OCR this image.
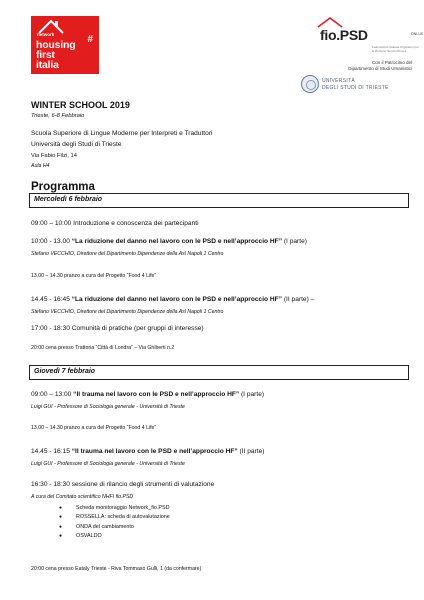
network	#
housing
first
italia
fio.PSD	ONLUS
Federazione Italiana Organismi per le Persone Senza Dimora
Con il Patrocinio del
Dipartimento di Studi Umanistici
UNIVERSITÀ
DEGLI STUDI DI TRIESTE
WINTER SCHOOL 2019
Trieste, 6-8 Febbraio
Scuola Superiore di Lingue Moderne per Interpreti e Traduttori
Università degli Studi di Trieste
Via Fabio Filzi, 14
Aula H4
Programma
Mercoledì 6 febbraio
09:00 – 10:00 Introduzione e conoscenza dei partecipanti
10:00 - 13.00 “La riduzione del danno nel lavoro con le PSD e nell’approccio HF” (I parte)
Stefano VECCHIO, Direttore del Dipartimento Dipendenze della Asl Napoli 1 Centro
13.00 – 14.30 pranzo a cura del Progetto “Food 4 Life”
14.45 - 16:45 “La riduzione del danno nel lavoro con le PSD e nell’approccio HF” (II parte) –
Stefano VECCHIO, Direttore del Dipartimento Dipendenze della Asl Napoli 1 Centro
17:00 - 18:30 Comunità di pratiche (per gruppi di interesse)
20:00 cena presso Trattoria “Città di Londra” – Via Ghiberti n.2
Giovedì 7 febbraio
09:00 – 13:00 “Il trauma nel lavoro con le PSD e nell’approccio HF” (I parte)
Luigi GUI - Professore di Sociologia generale - Università di Trieste
13.00 – 14.30 pranzo a cura del Progetto “Food 4 Life”
14.45 - 16:15 “Il trauma nel lavoro con le PSD e nell’approccio HF” (II parte)
Luigi GUI - Professore di Sociologia generale - Università di Trieste
16:30 - 18:30 sessione di rilancio degli strumenti di valutazione
A cura del Comitato scientifico NHFI fio.PSD
● Scheda monitoraggio Network_fio.PSD
● ROSSELLA: scheda di autovalutazione
● ONDA del cambiamento
● OSVALDO
20:00 cena presso Eataly Trieste - Riva Tommaso Gulli, 1 (da confermare)
